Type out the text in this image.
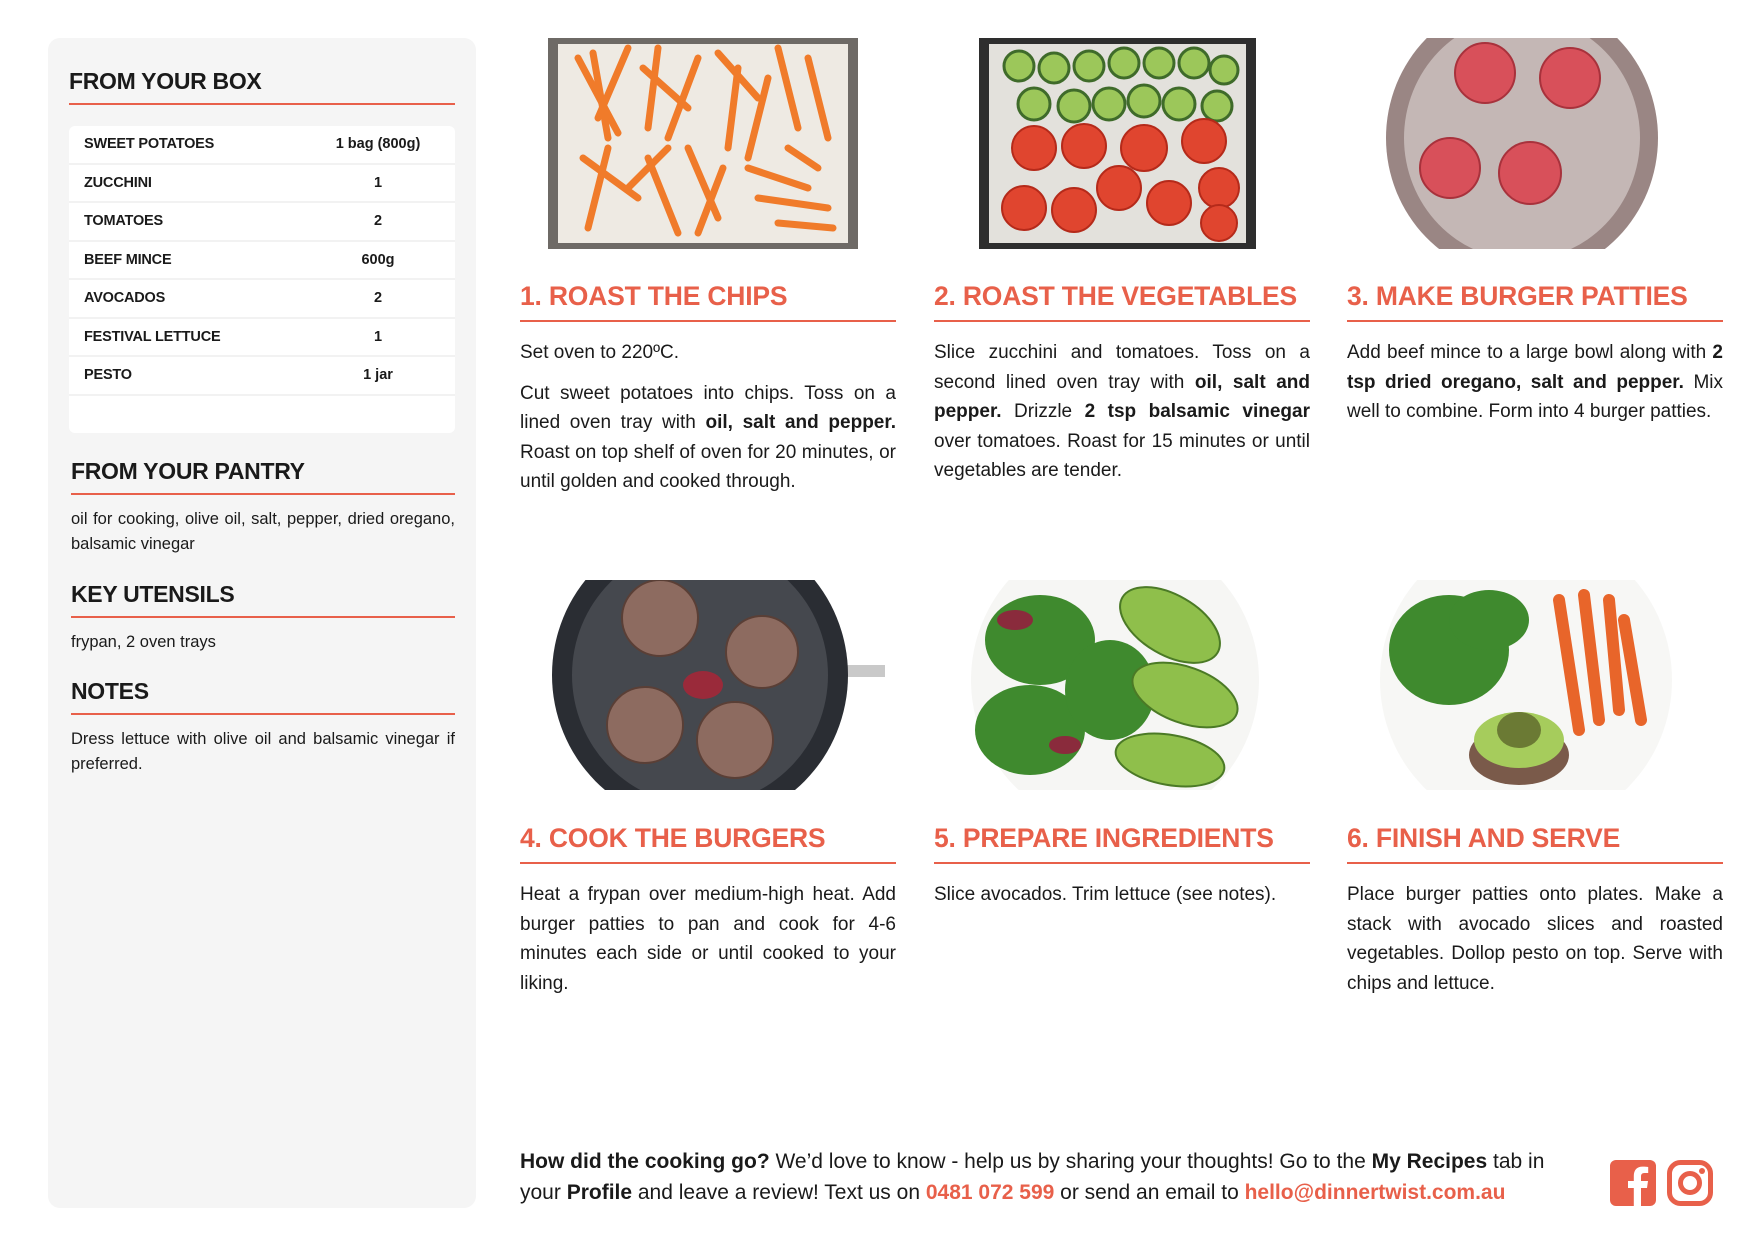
FROM YOUR BOX
SWEET POTATOES	1 bag (800g)
ZUCCHINI	1
TOMATOES	2
BEEF MINCE	600g
AVOCADOS	2
FESTIVAL LETTUCE	1
PESTO	1 jar
FROM YOUR PANTRY

oil for cooking, olive oil, salt, pepper, dried oregano, balsamic vinegar

KEY UTENSILS

frypan, 2 oven trays

NOTES

Dress lettuce with olive oil and balsamic vinegar if preferred.

1. ROAST THE CHIPS

Set oven to 220ºC.

Cut sweet potatoes into chips. Toss on a lined oven tray with oil, salt and pepper. Roast on top shelf of oven for 20 minutes, or until golden and cooked through.

2. ROAST THE VEGETABLES

Slice zucchini and tomatoes. Toss on a second lined oven tray with oil, salt and pepper. Drizzle 2 tsp balsamic vinegar over tomatoes. Roast for 15 minutes or until vegetables are tender.

3. MAKE BURGER PATTIES

Add beef mince to a large bowl along with 2 tsp dried oregano, salt and pepper. Mix well to combine. Form into 4 burger patties.

4. COOK THE BURGERS

Heat a frypan over medium-high heat. Add burger patties to pan and cook for 4-6 minutes each side or until cooked to your liking.

5. PREPARE INGREDIENTS

Slice avocados. Trim lettuce (see notes).

6. FINISH AND SERVE

Place burger patties onto plates. Make a stack with avocado slices and roasted vegetables. Dollop pesto on top. Serve with chips and lettuce.

How did the cooking go? We’d love to know - help us by sharing your thoughts! Go to the My Recipes tab in your Profile and leave a review! Text us on 0481 072 599 or send an email to hello@dinnertwist.com.au
